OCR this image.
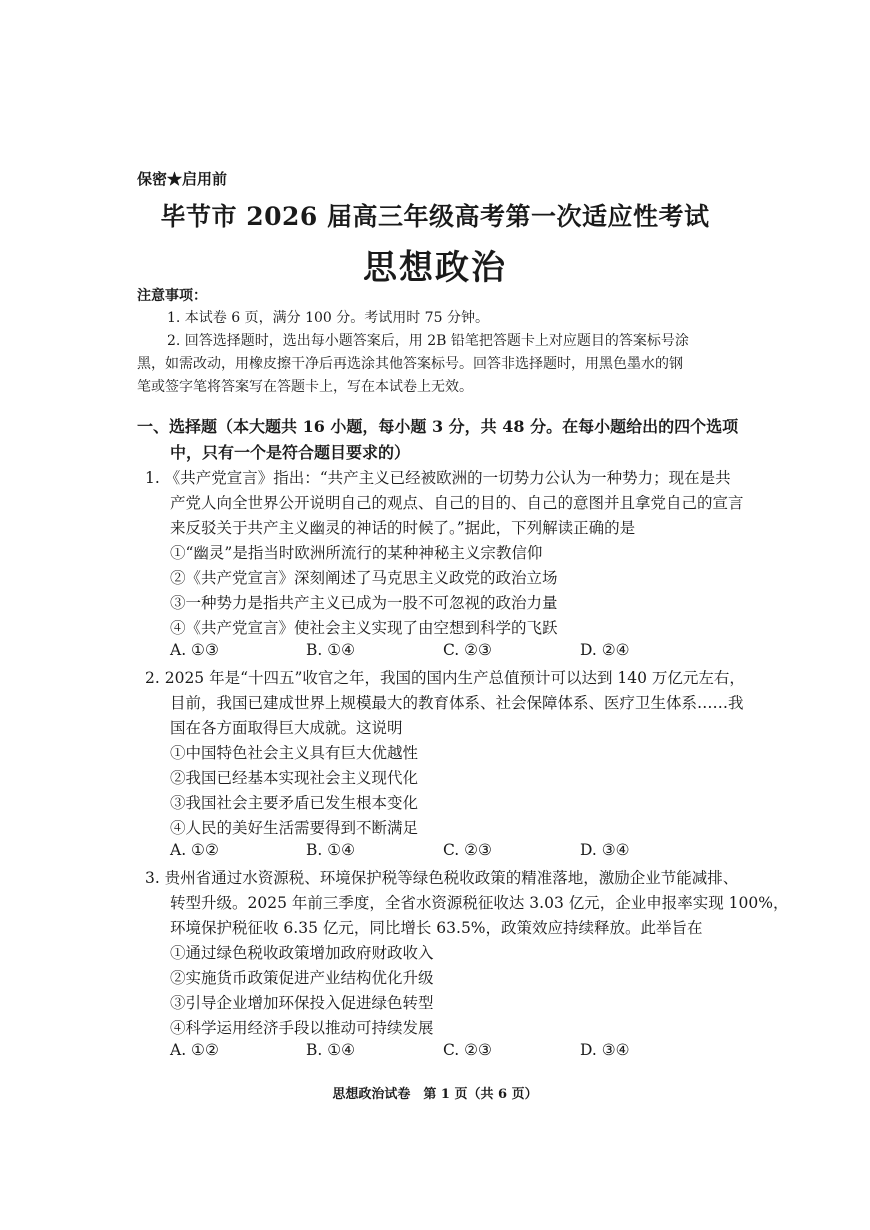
保密★启用前
毕节市 2026 届高三年级高考第一次适应性考试
思想政治
注意事项：
1. 本试卷 6 页，满分 100 分。考试用时 75 分钟。
2. 回答选择题时，选出每小题答案后，用 2B 铅笔把答题卡上对应题目的答案标号涂
黑，如需改动，用橡皮擦干净后再选涂其他答案标号。回答非选择题时，用黑色墨水的钢
笔或签字笔将答案写在答题卡上，写在本试卷上无效。
一、选择题（本大题共 16 小题，每小题 3 分，共 48 分。在每小题给出的四个选项
中，只有一个是符合题目要求的）
1. 《共产党宣言》指出：“共产主义已经被欧洲的一切势力公认为一种势力；现在是共
产党人向全世界公开说明自己的观点、自己的目的、自己的意图并且拿党自己的宣言
来反驳关于共产主义幽灵的神话的时候了。”据此，下列解读正确的是
①“幽灵”是指当时欧洲所流行的某种神秘主义宗教信仰
②《共产党宣言》深刻阐述了马克思主义政党的政治立场
③一种势力是指共产主义已成为一股不可忽视的政治力量
④《共产党宣言》使社会主义实现了由空想到科学的飞跃
A. ①③	B. ①④	C. ②③	D. ②④
2. 2025 年是“十四五”收官之年，我国的国内生产总值预计可以达到 140 万亿元左右，
目前，我国已建成世界上规模最大的教育体系、社会保障体系、医疗卫生体系……我
国在各方面取得巨大成就。这说明
①中国特色社会主义具有巨大优越性
②我国已经基本实现社会主义现代化
③我国社会主要矛盾已发生根本变化
④人民的美好生活需要得到不断满足
A. ①②	B. ①④	C. ②③	D. ③④
3. 贵州省通过水资源税、环境保护税等绿色税收政策的精准落地，激励企业节能减排、
转型升级。2025 年前三季度，全省水资源税征收达 3.03 亿元，企业申报率实现 100%，
环境保护税征收 6.35 亿元，同比增长 63.5%，政策效应持续释放。此举旨在
①通过绿色税收政策增加政府财政收入
②实施货币政策促进产业结构优化升级
③引导企业增加环保投入促进绿色转型
④科学运用经济手段以推动可持续发展
A. ①②	B. ①④	C. ②③	D. ③④
思想政治试卷　第 1 页（共 6 页）
